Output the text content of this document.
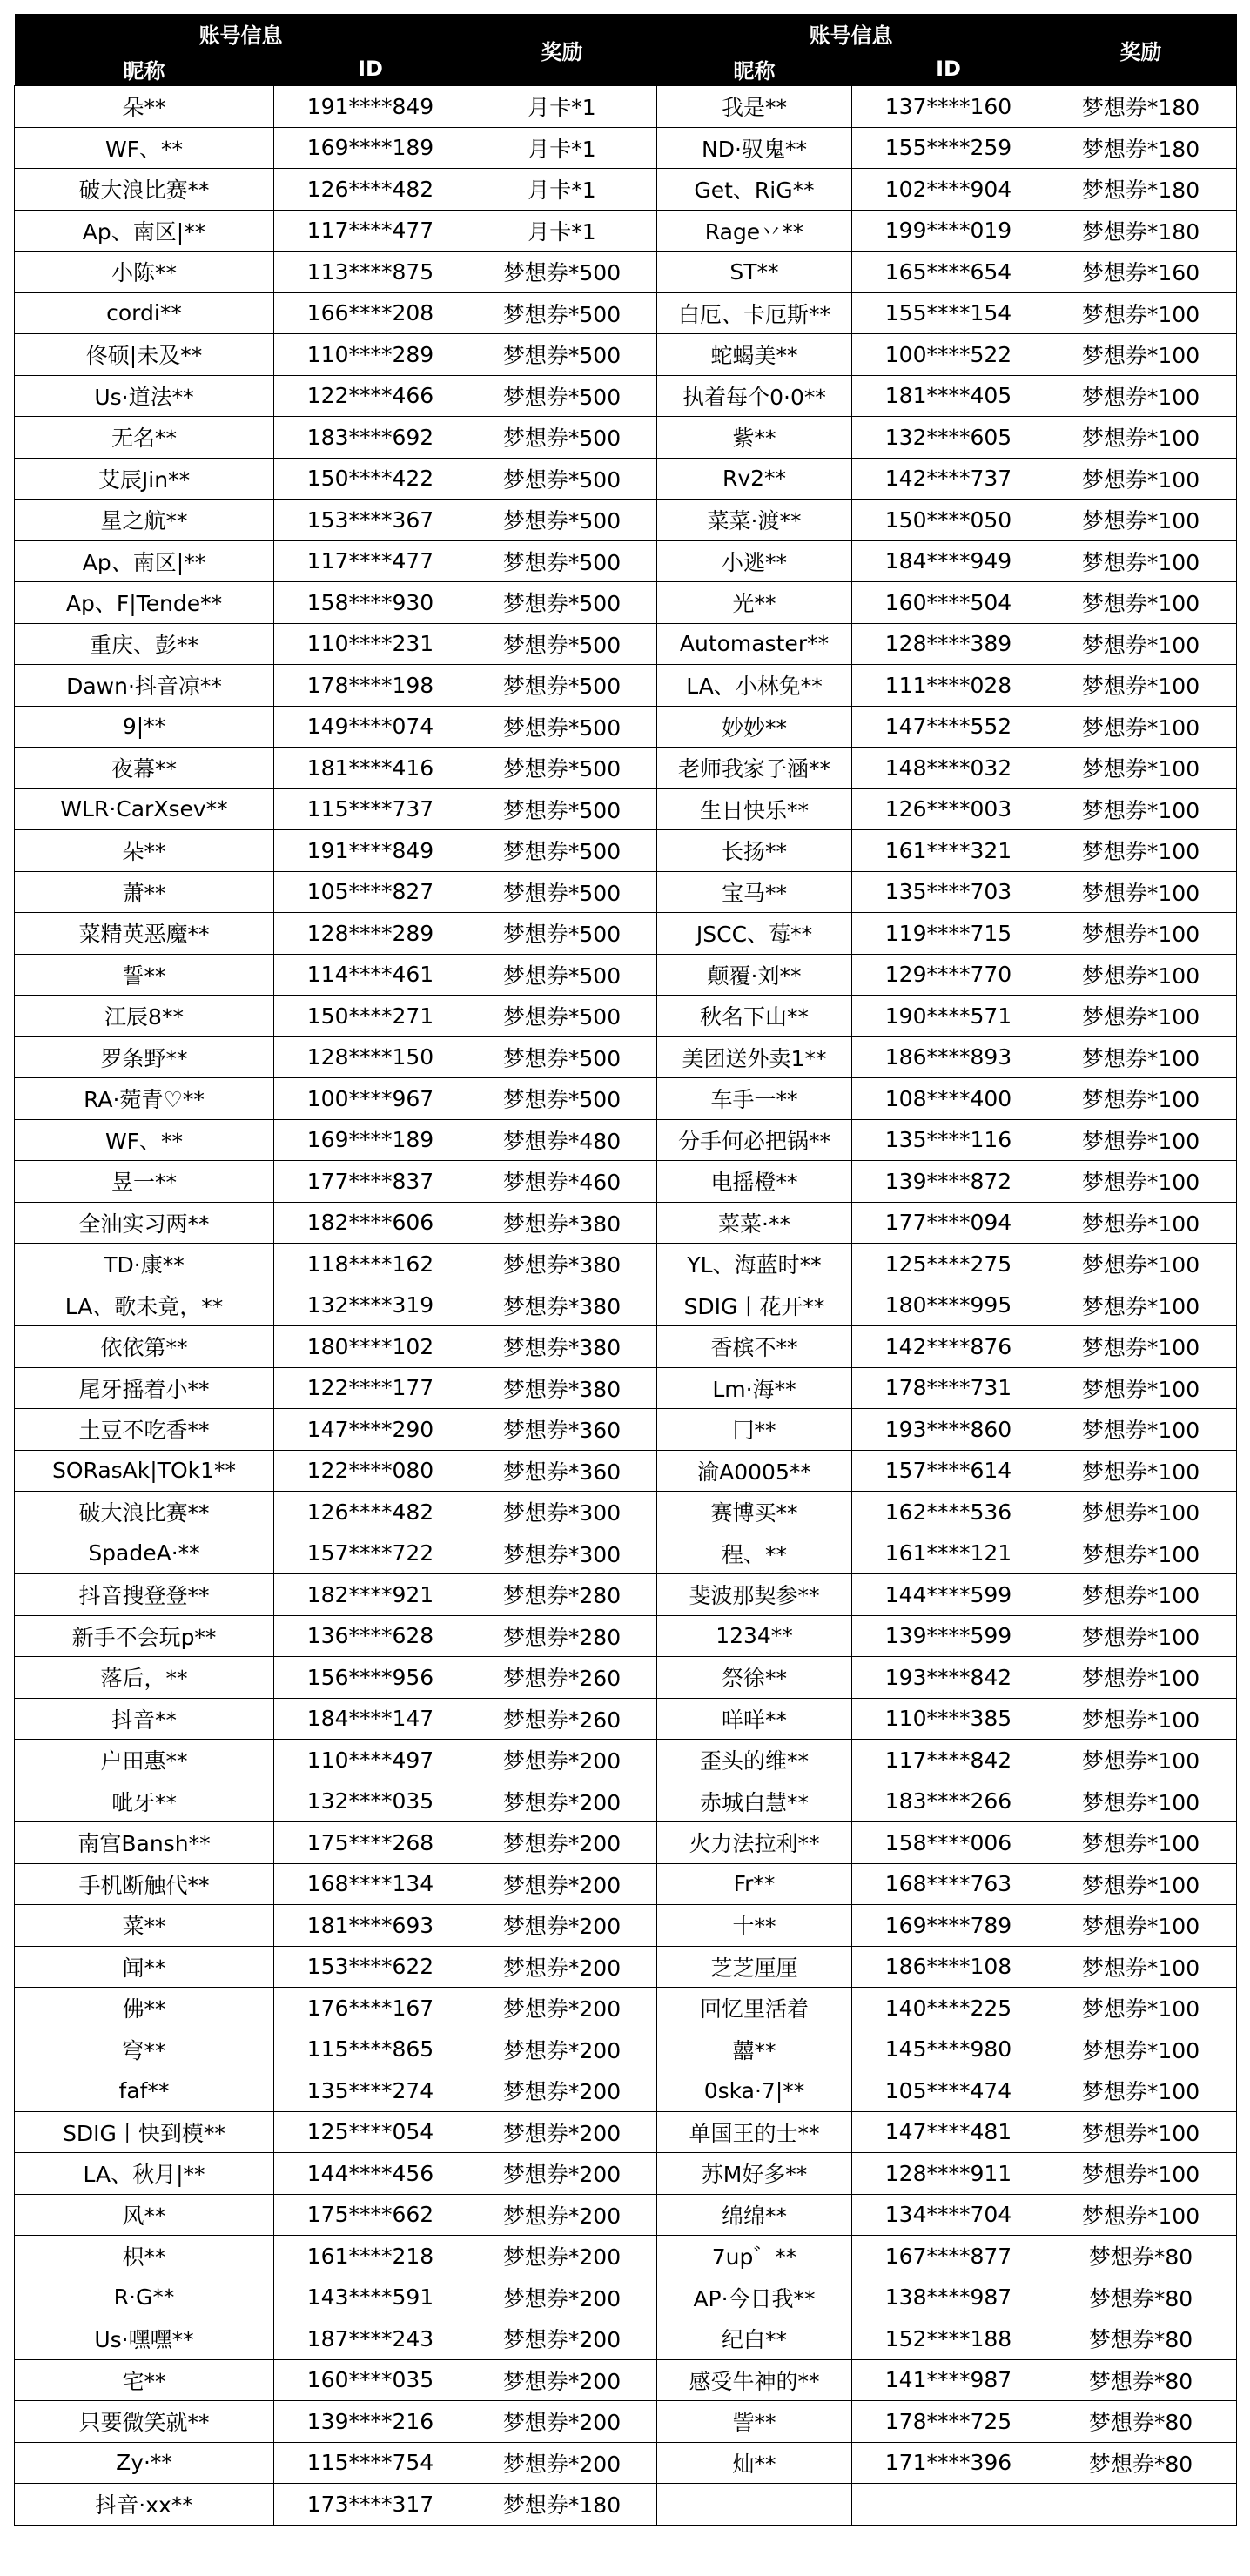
账号信息		奖励	账号信息		奖励
昵称	ID		昵称	ID	
朵**	191****849	月卡*1	我是**	137****160	梦想券*180
WF、**	169****189	月卡*1	ND·驭鬼**	155****259	梦想券*180
破大浪比赛**	126****482	月卡*1	Get、RiG**	102****904	梦想券*180
Ap、南区|**	117****477	月卡*1	Rage丷**	199****019	梦想券*180
小陈**	113****875	梦想券*500	ST**	165****654	梦想券*160
cordi**	166****208	梦想券*500	白厄、卡厄斯**	155****154	梦想券*100
佟硕|未及**	110****289	梦想券*500	蛇蝎美**	100****522	梦想券*100
Us·道法**	122****466	梦想券*500	执着每个0·0**	181****405	梦想券*100
无名**	183****692	梦想券*500	紫**	132****605	梦想券*100
艾辰Jin**	150****422	梦想券*500	Rv2**	142****737	梦想券*100
星之航**	153****367	梦想券*500	菜菜·渡**	150****050	梦想券*100
Ap、南区|**	117****477	梦想券*500	小逃**	184****949	梦想券*100
Ap、F|Tende**	158****930	梦想券*500	光**	160****504	梦想券*100
重庆、彭**	110****231	梦想券*500	Automaster**	128****389	梦想券*100
Dawn·抖音凉**	178****198	梦想券*500	LA、小林免**	111****028	梦想券*100
9|**	149****074	梦想券*500	妙妙**	147****552	梦想券*100
夜幕**	181****416	梦想券*500	老师我家子涵**	148****032	梦想券*100
WLR·CarXsev**	115****737	梦想券*500	生日快乐**	126****003	梦想券*100
朵**	191****849	梦想券*500	长扬**	161****321	梦想券*100
萧**	105****827	梦想券*500	宝马**	135****703	梦想券*100
菜精英恶魔**	128****289	梦想券*500	JSCC、莓**	119****715	梦想券*100
誓**	114****461	梦想券*500	颠覆·刘**	129****770	梦想券*100
江辰8**	150****271	梦想券*500	秋名下山**	190****571	梦想券*100
罗条野**	128****150	梦想券*500	美团送外卖1**	186****893	梦想券*100
RA·菀青♡**	100****967	梦想券*500	车手一**	108****400	梦想券*100
WF、**	169****189	梦想券*480	分手何必把锅**	135****116	梦想券*100
昱一**	177****837	梦想券*460	电摇橙**	139****872	梦想券*100
全油实习两**	182****606	梦想券*380	菜菜·**	177****094	梦想券*100
TD·康**	118****162	梦想券*380	YL、海蓝时**	125****275	梦想券*100
LA、歌未竟，**	132****319	梦想券*380	SDIG丨花开**	180****995	梦想券*100
依依第**	180****102	梦想券*380	香槟不**	142****876	梦想券*100
尾牙摇着小**	122****177	梦想券*380	Lm·海**	178****731	梦想券*100
土豆不吃香**	147****290	梦想券*360	冂**	193****860	梦想券*100
SORasAk|TOk1**	122****080	梦想券*360	渝A0005**	157****614	梦想券*100
破大浪比赛**	126****482	梦想券*300	赛博买**	162****536	梦想券*100
SpadeA·**	157****722	梦想券*300	程、**	161****121	梦想券*100
抖音搜登登**	182****921	梦想券*280	斐波那契参**	144****599	梦想券*100
新手不会玩p**	136****628	梦想券*280	1234**	139****599	梦想券*100
落后，**	156****956	梦想券*260	祭徐**	193****842	梦想券*100
抖音**	184****147	梦想券*260	咩咩**	110****385	梦想券*100
户田惠**	110****497	梦想券*200	歪头的维**	117****842	梦想券*100
呲牙**	132****035	梦想券*200	赤城白慧**	183****266	梦想券*100
南宫Bansh**	175****268	梦想券*200	火力法拉利**	158****006	梦想券*100
手机断触代**	168****134	梦想券*200	Fr**	168****763	梦想券*100
菜**	181****693	梦想券*200	十**	169****789	梦想券*100
闻**	153****622	梦想券*200	芝芝厘厘	186****108	梦想券*100
佛**	176****167	梦想券*200	回忆里活着	140****225	梦想券*100
穹**	115****865	梦想券*200	囍**	145****980	梦想券*100
faf**	135****274	梦想券*200	0ska·7|**	105****474	梦想券*100
SDIG丨快到模**	125****054	梦想券*200	单国王的士**	147****481	梦想券*100
LA、秋月|**	144****456	梦想券*200	苏M好多**	128****911	梦想券*100
风**	175****662	梦想券*200	绵绵**	134****704	梦想券*100
枳**	161****218	梦想券*200	7up゛**	167****877	梦想券*80
R·G**	143****591	梦想券*200	AP·今日我**	138****987	梦想券*80
Us·嘿嘿**	187****243	梦想券*200	纪白**	152****188	梦想券*80
宅**	160****035	梦想券*200	感受牛神的**	141****987	梦想券*80
只要微笑就**	139****216	梦想券*200	訾**	178****725	梦想券*80
Zy·**	115****754	梦想券*200	灿**	171****396	梦想券*80
抖音·xx**	173****317	梦想券*180			
